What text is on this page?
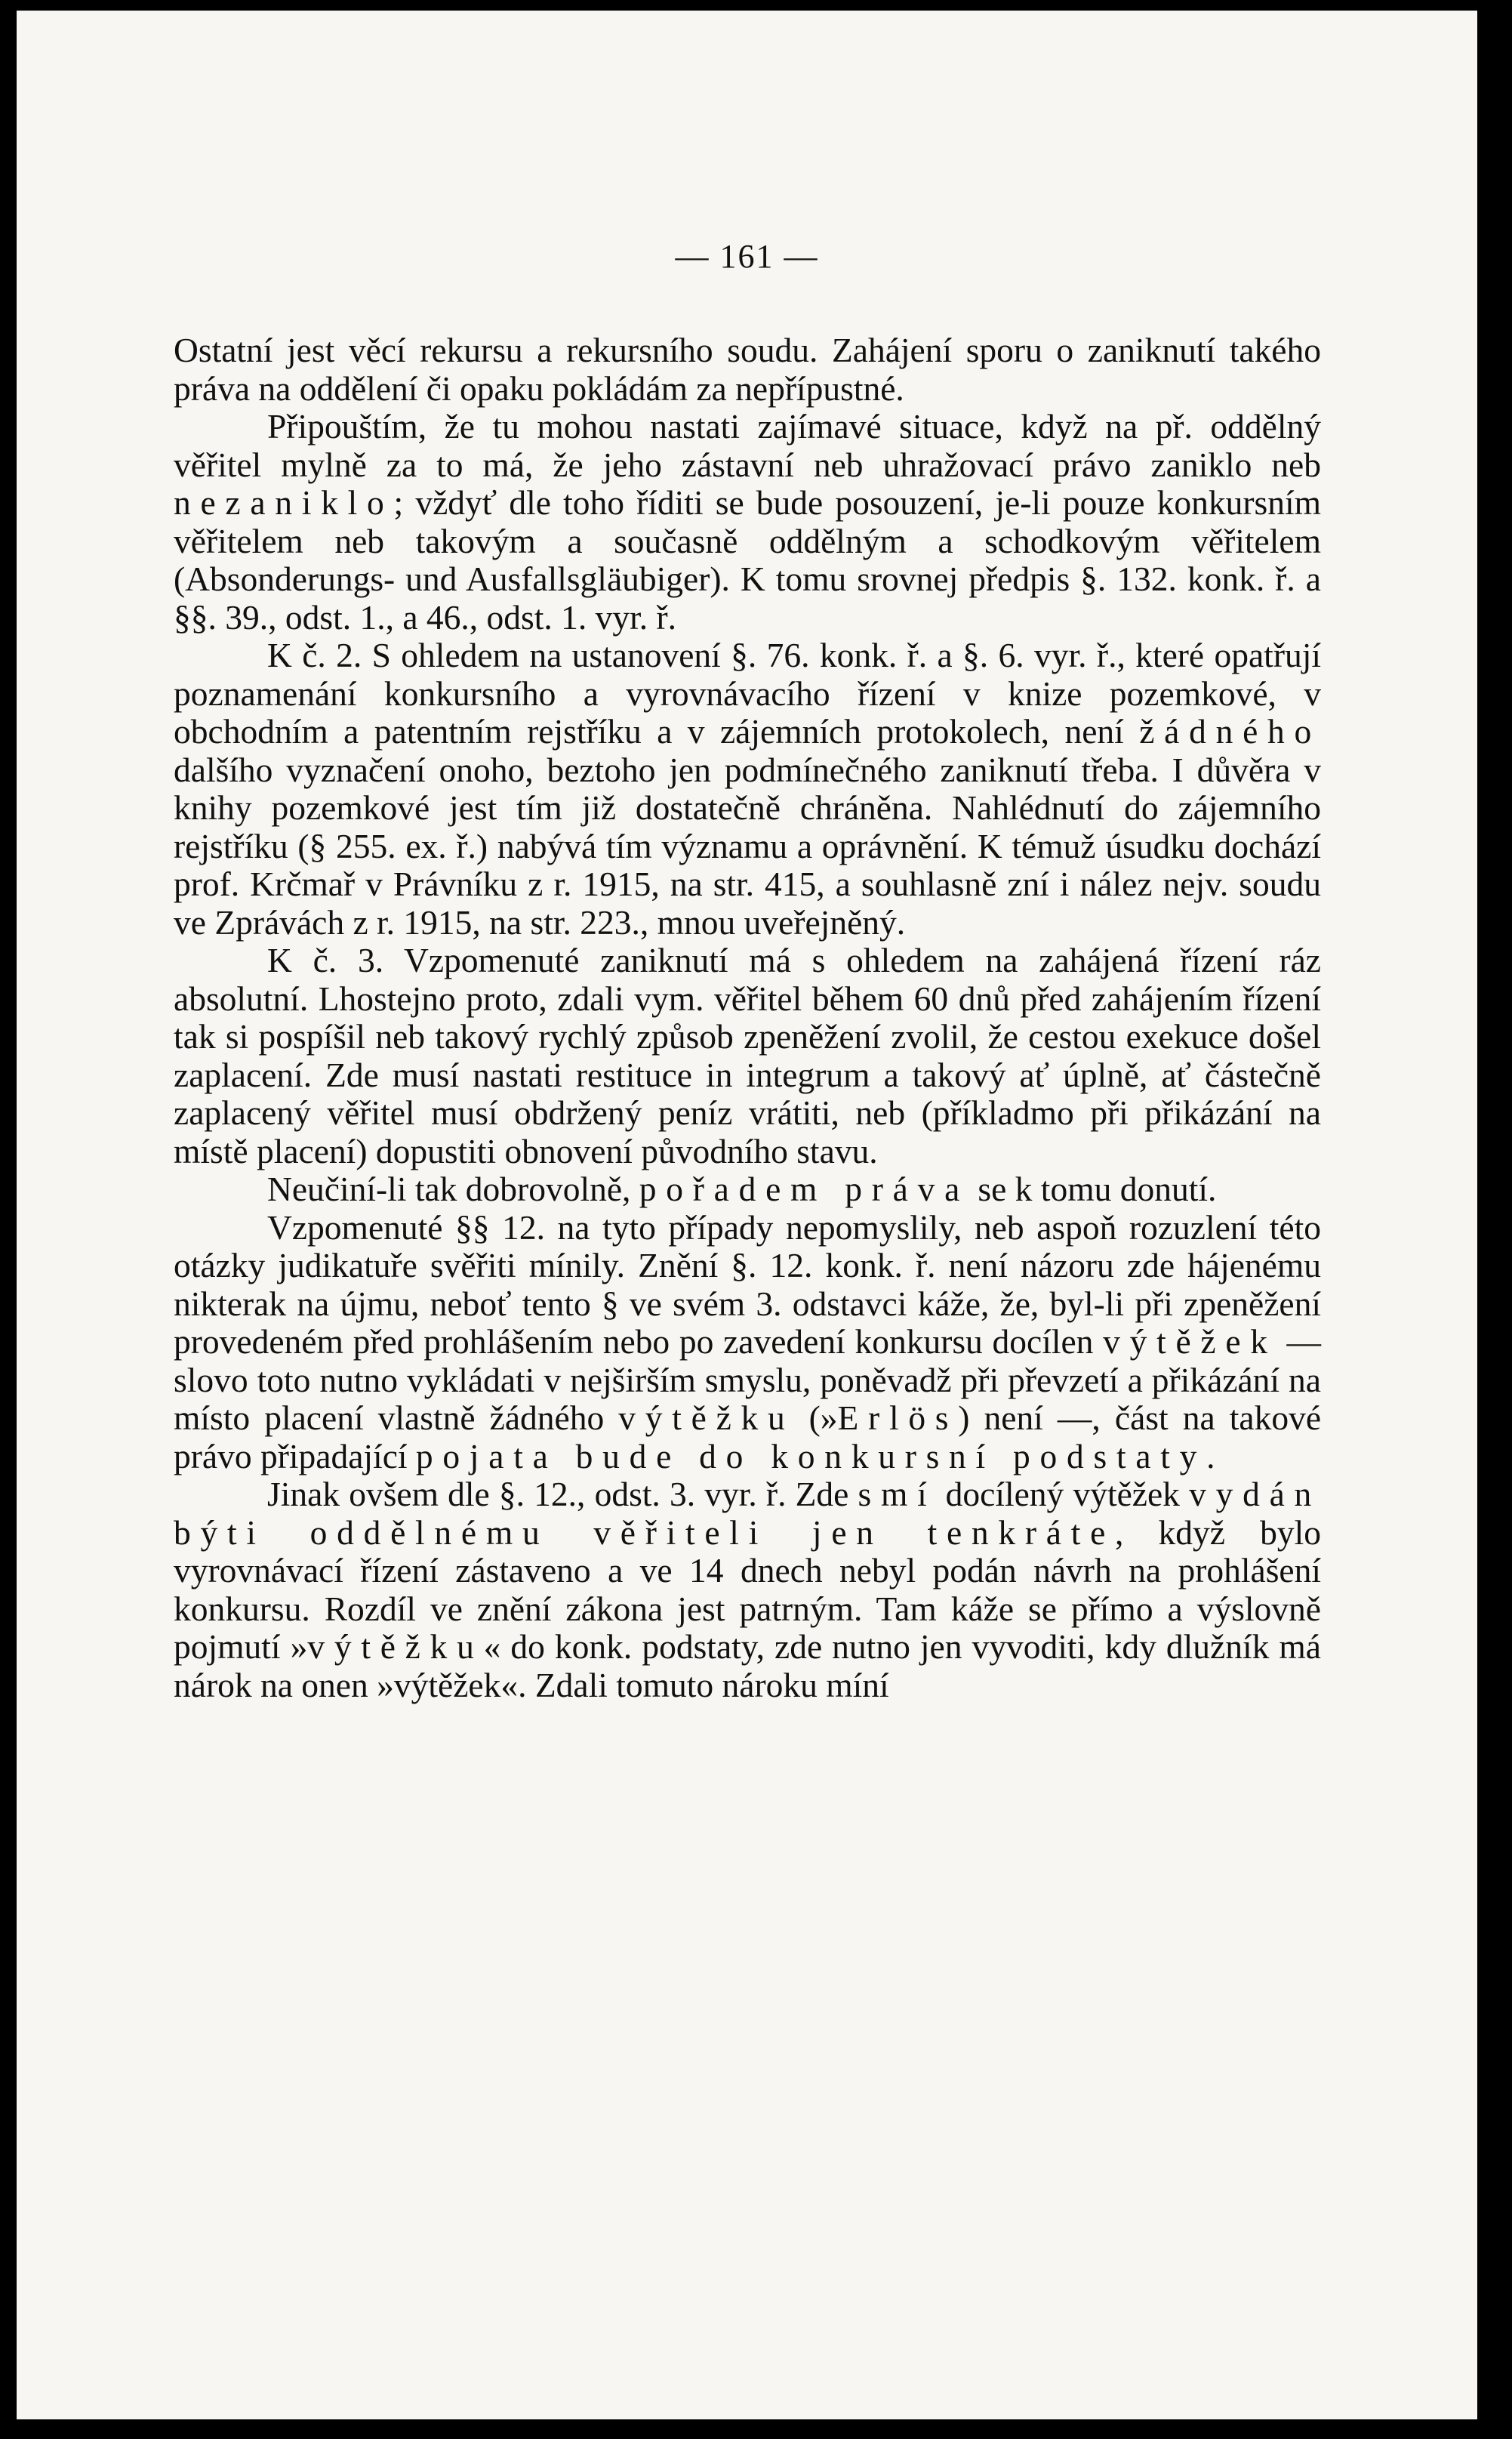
— 161 —

Ostatní jest věcí rekursu a rekursního soudu. Zahájení sporu o zaniknutí takého práva na oddělení či opaku pokládám za nepřípustné.

Připouštím, že tu mohou nastati zajímavé situace, když na př. oddělný věřitel mylně za to má, že jeho zástavní neb uhražovací právo zaniklo neb nezaniklo; vždyť dle toho říditi se bude posouzení, je-li pouze konkursním věřitelem neb takovým a současně oddělným a schodkovým věřitelem (Absonderungs- und Ausfallsgläubiger). K tomu srovnej předpis §. 132. konk. ř. a §§. 39., odst. 1., a 46., odst. 1. vyr. ř.

K č. 2. S ohledem na ustanovení §. 76. konk. ř. a §. 6. vyr. ř., které opatřují poznamenání konkursního a vyrovnávacího řízení v knize pozemkové, v obchodním a patentním rejstříku a v zájemních protokolech, není žádného dalšího vyznačení onoho, beztoho jen podmínečného zaniknutí třeba. I důvěra v knihy pozemkové jest tím již dostatečně chráněna. Nahlédnutí do zájemního rejstříku (§ 255. ex. ř.) nabývá tím významu a oprávnění. K témuž úsudku dochází prof. Krčmař v Právníku z r. 1915, na str. 415, a souhlasně zní i nález nejv. soudu ve Zprávách z r. 1915, na str. 223., mnou uveřejněný.

K č. 3. Vzpomenuté zaniknutí má s ohledem na zahájená řízení ráz absolutní. Lhostejno proto, zdali vym. věřitel během 60 dnů před zahájením řízení tak si pospíšil neb takový rychlý způsob zpeněžení zvolil, že cestou exekuce došel zaplacení. Zde musí nastati restituce in integrum a takový ať úplně, ať částečně zaplacený věřitel musí obdržený peníz vrátiti, neb (příkladmo při přikázání na místě placení) dopustiti obnovení původního stavu.

Neučiní-li tak dobrovolně, pořadem práva se k tomu donutí.

Vzpomenuté §§ 12. na tyto případy nepomyslily, neb aspoň rozuzlení této otázky judikatuře svěřiti mínily. Znění §. 12. konk. ř. není názoru zde hájenému nikterak na újmu, neboť tento § ve svém 3. odstavci káže, že, byl-li při zpeněžení provedeném před prohlášením nebo po zavedení konkursu docílen výtěžek — slovo toto nutno vykládati v nejširším smyslu, poněvadž při převzetí a přikázání na místo placení vlastně žádného výtěžku (»Erlös) není —, část na takové právo připadající pojata bude do konkursní podstaty.

Jinak ovšem dle §. 12., odst. 3. vyr. ř. Zde smí docílený výtěžek vydán býti oddělnému věřiteli jen tenkráte, když bylo vyrovnávací řízení zástaveno a ve 14 dnech nebyl podán návrh na prohlášení konkursu. Rozdíl ve znění zákona jest patrným. Tam káže se přímo a výslovně pojmutí »výtěžku« do konk. podstaty, zde nutno jen vyvoditi, kdy dlužník má nárok na onen »výtěžek«. Zdali tomuto nároku míní
